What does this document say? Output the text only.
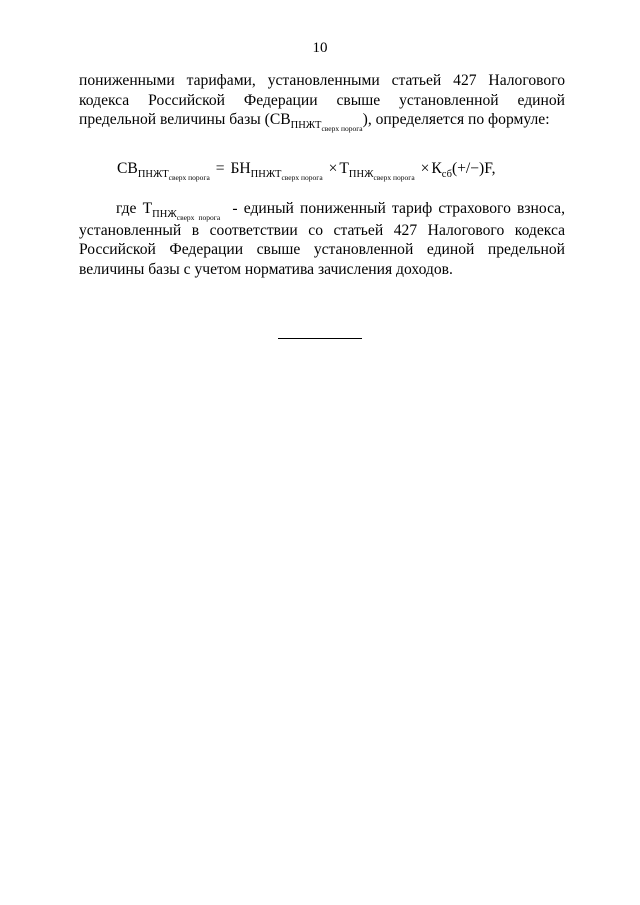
10
пониженными тарифами, установленными статьей 427 Налогового кодекса Российской Федерации свыше установленной единой предельной величины базы $(СВ_{ПНЖТ_{сверх порога}})$, определяется по формуле:
$СВ_{ПНЖТ_{сверх порога}} = БН_{ПНЖТ_{сверх порога}} \times Т_{ПНЖ_{сверх порога}} \times К_{сб}(+/-)F$,
где $Т_{ПНЖ_{сверх порога}}$ - единый пониженный тариф страхового взноса, установленный в соответствии со статьей 427 Налогового кодекса Российской Федерации свыше установленной единой предельной величины базы с учетом норматива зачисления доходов.
